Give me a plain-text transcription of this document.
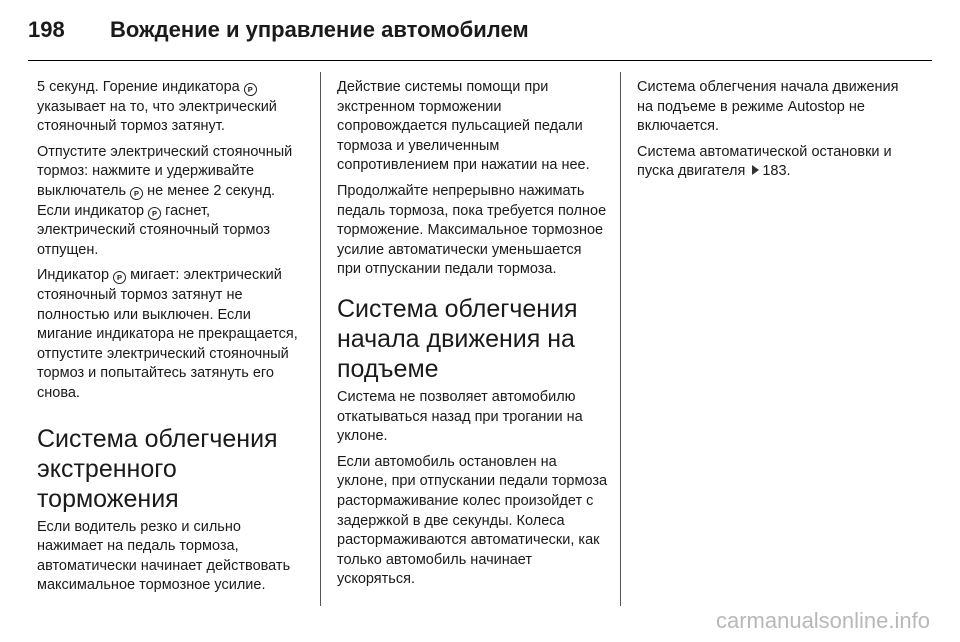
198	Вождение и управление автомобилем

5 секунд. Горение индикатора P указывает на то, что электрический стояночный тормоз затянут.

Отпустите электрический стояночный тормоз: нажмите и удерживайте выключатель P не менее 2 секунд. Если индикатор P гаснет, электрический стояночный тормоз отпущен.

Индикатор P мигает: электрический стояночный тормоз затянут не полностью или выключен. Если мигание индикатора не прекращается, отпустите электрический стояночный тормоз и попытайтесь затянуть его снова.

Система облегчения экстренного торможения

Если водитель резко и сильно нажимает на педаль тормоза, автоматически начинает действовать максимальное тормозное усилие.

Действие системы помощи при экстренном торможении сопровождается пульсацией педали тормоза и увеличенным сопротивлением при нажатии на нее.

Продолжайте непрерывно нажимать педаль тормоза, пока требуется полное торможение. Максимальное тормозное усилие автоматически уменьшается при отпускании педали тормоза.

Система облегчения начала движения на подъеме

Система не позволяет автомобилю откатываться назад при трогании на уклоне.

Если автомобиль остановлен на уклоне, при отпускании педали тормоза растормаживание колес произойдет с задержкой в две секунды. Колеса растормаживаются автоматически, как только автомобиль начинает ускоряться.

Система облегчения начала движения на подъеме в режиме Autostop не включается.

Система автоматической остановки и пуска двигателя 183.

carmanualsonline.info
